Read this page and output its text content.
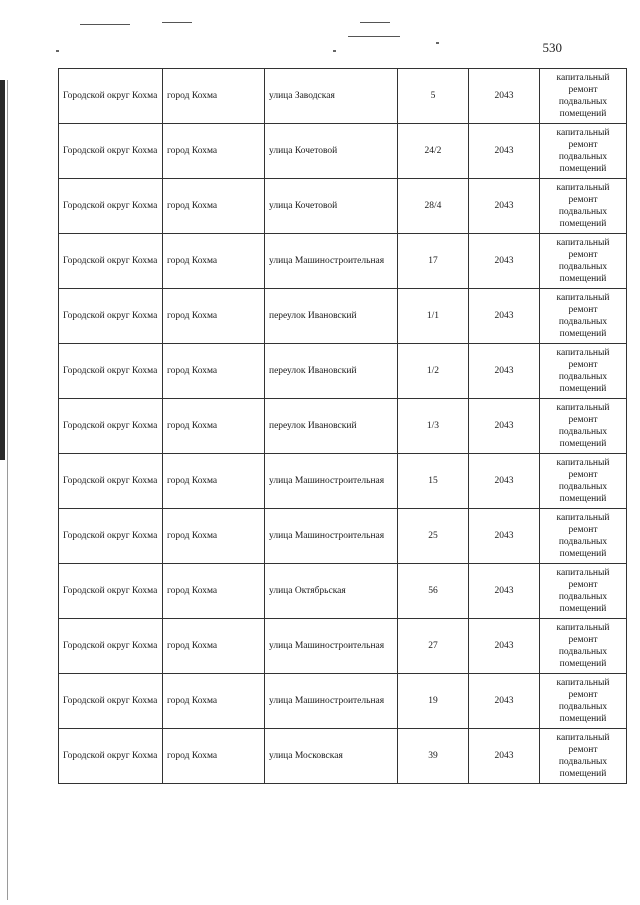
530
Городской округ Кохма	город Кохма	улица Заводская	5	2043	капитальный ремонт подвальных помещений
Городской округ Кохма	город Кохма	улица Кочетовой	24/2	2043	капитальный ремонт подвальных помещений
Городской округ Кохма	город Кохма	улица Кочетовой	28/4	2043	капитальный ремонт подвальных помещений
Городской округ Кохма	город Кохма	улица Машиностроительная	17	2043	капитальный ремонт подвальных помещений
Городской округ Кохма	город Кохма	переулок Ивановский	1/1	2043	капитальный ремонт подвальных помещений
Городской округ Кохма	город Кохма	переулок Ивановский	1/2	2043	капитальный ремонт подвальных помещений
Городской округ Кохма	город Кохма	переулок Ивановский	1/3	2043	капитальный ремонт подвальных помещений
Городской округ Кохма	город Кохма	улица Машиностроительная	15	2043	капитальный ремонт подвальных помещений
Городской округ Кохма	город Кохма	улица Машиностроительная	25	2043	капитальный ремонт подвальных помещений
Городской округ Кохма	город Кохма	улица Октябрьская	56	2043	капитальный ремонт подвальных помещений
Городской округ Кохма	город Кохма	улица Машиностроительная	27	2043	капитальный ремонт подвальных помещений
Городской округ Кохма	город Кохма	улица Машиностроительная	19	2043	капитальный ремонт подвальных помещений
Городской округ Кохма	город Кохма	улица Московская	39	2043	капитальный ремонт подвальных помещений
